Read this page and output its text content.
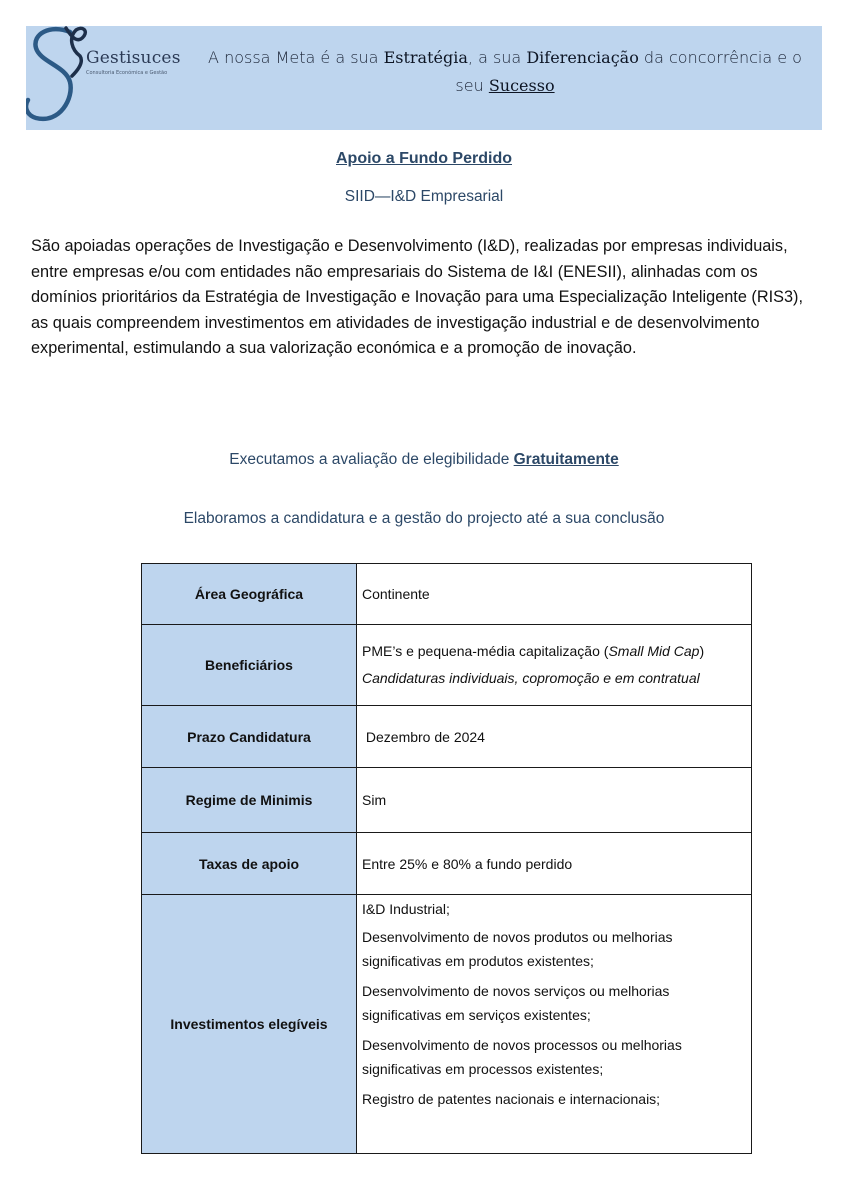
Gestisuces
Consultoria Económica e Gestão
A nossa Meta é a sua Estratégia, a sua Diferenciação da concorrência e o seu Sucesso
Apoio a Fundo Perdido
SIID—I&D Empresarial

São apoiadas operações de Investigação e Desenvolvimento (I&D), realizadas por empresas individuais, entre empresas e/ou com entidades não empresariais do Sistema de I&I (ENESII), alinhadas com os domínios prioritários da Estratégia de Investigação e Inovação para uma Especialização Inteligente (RIS3), as quais compreendem investimentos em atividades de investigação industrial e de desenvolvimento experimental, estimulando a sua valorização económica e a promoção de inovação.

Executamos a avaliação de elegibilidade Gratuitamente
Elaboramos a candidatura e a gestão do projecto até a sua conclusão
Área Geográfica	Continente
Beneficiários	PME’s e pequena-média capitalização (Small Mid Cap)
Candidaturas individuais, copromoção e em contratual

Prazo Candidatura	Dezembro de 2024
Regime de Minimis	Sim
Taxas de apoio	Entre 25% e 80% a fundo perdido
Investimentos elegíveis	I&D Industrial;
Desenvolvimento de novos produtos ou melhorias significativas em produtos existentes;
Desenvolvimento de novos serviços ou melhorias significativas em serviços existentes;
Desenvolvimento de novos processos ou melhorias significativas em processos existentes;
Registro de patentes nacionais e internacionais;
